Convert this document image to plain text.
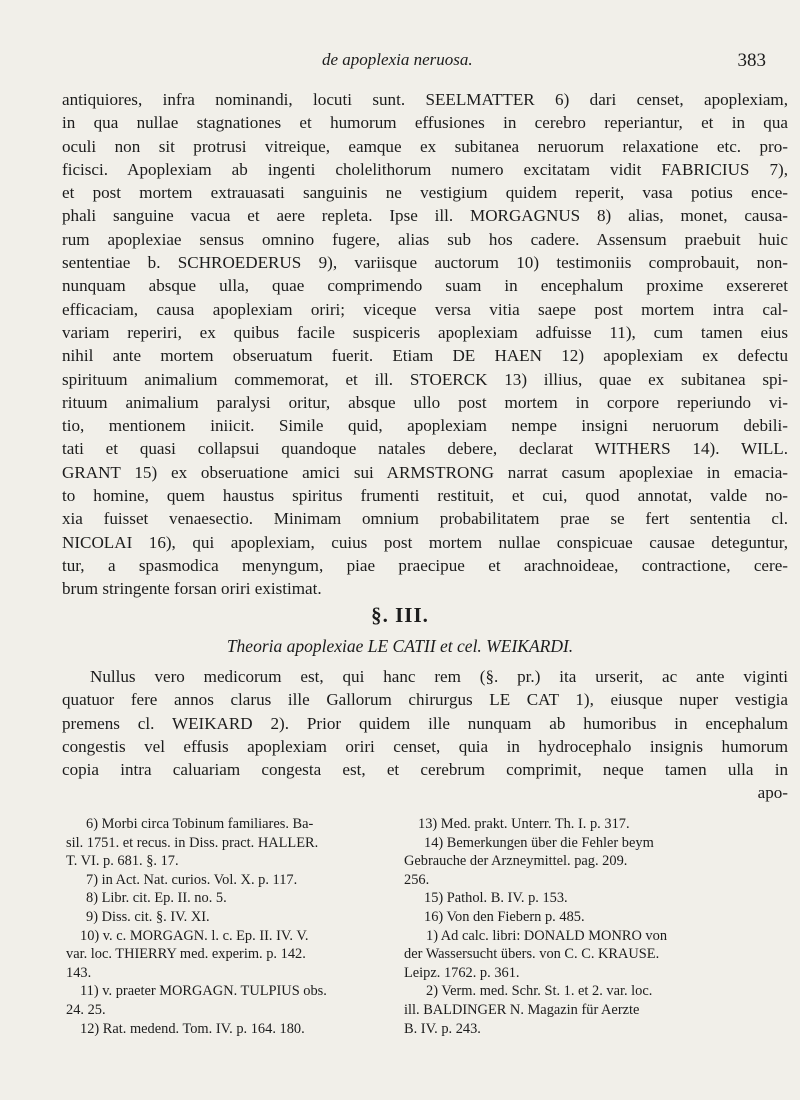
de apoplexia neruosa.	383
antiquiores, infra nominandi, locuti sunt. SEELMATTER 6) dari censet, apoplexiam,
in qua nullae stagnationes et humorum effusiones in cerebro reperiantur, et in qua
oculi non sit protrusi vitreique, eamque ex subitanea neruorum relaxatione etc. pro-
ficisci. Apoplexiam ab ingenti cholelithorum numero excitatam vidit FABRICIUS 7),
et post mortem extrauasati sanguinis ne vestigium quidem reperit, vasa potius ence-
phali sanguine vacua et aere repleta. Ipse ill. MORGAGNUS 8) alias, monet, causa-
rum apoplexiae sensus omnino fugere, alias sub hos cadere. Assensum praebuit huic
sententiae b. SCHROEDERUS 9), variisque auctorum 10) testimoniis comprobauit, non-
nunquam absque ulla, quae comprimendo suam in encephalum proxime exsereret
efficaciam, causa apoplexiam oriri; viceque versa vitia saepe post mortem intra cal-
variam reperiri, ex quibus facile suspiceris apoplexiam adfuisse 11), cum tamen eius
nihil ante mortem obseruatum fuerit. Etiam DE HAEN 12) apoplexiam ex defectu
spirituum animalium commemorat, et ill. STOERCK 13) illius, quae ex subitanea spi-
rituum animalium paralysi oritur, absque ullo post mortem in corpore reperiundo vi-
tio, mentionem iniicit. Simile quid, apoplexiam nempe insigni neruorum debili-
tati et quasi collapsui quandoque natales debere, declarat WITHERS 14). WILL.
GRANT 15) ex obseruatione amici sui ARMSTRONG narrat casum apoplexiae in emacia-
to homine, quem haustus spiritus frumenti restituit, et cui, quod annotat, valde no-
xia fuisset venaesectio. Minimam omnium probabilitatem prae se fert sententia cl.
NICOLAI 16), qui apoplexiam, cuius post mortem nullae conspicuae causae deteguntur,
tur, a spasmodica menyngum, piae praecipue et arachnoideae, contractione, cere-
brum stringente forsan oriri existimat.
§. III.
Theoria apoplexiae LE CATII et cel. WEIKARDI.
Nullus vero medicorum est, qui hanc rem (§. pr.) ita urserit, ac ante viginti
quatuor fere annos clarus ille Gallorum chirurgus LE CAT 1), eiusque nuper vestigia
premens cl. WEIKARD 2). Prior quidem ille nunquam ab humoribus in encephalum
congestis vel effusis apoplexiam oriri censet, quia in hydrocephalo insignis humorum
copia intra caluariam congesta est, et cerebrum comprimit, neque tamen ulla in
apo-
6) Morbi circa Tobinum familiares. Ba-
sil. 1751. et recus. in Diss. pract. HALLER.
T. VI. p. 681. §. 17.
7) in Act. Nat. curios. Vol. X. p. 117.
8) Libr. cit. Ep. II. no. 5.
9) Diss. cit. §. IV. XI.
10) v. c. MORGAGN. l. c. Ep. II. IV. V.
var. loc. THIERRY med. experim. p. 142.
143.
11) v. praeter MORGAGN. TULPIUS obs.
24. 25.
12) Rat. medend. Tom. IV. p. 164. 180.
13) Med. prakt. Unterr. Th. I. p. 317.
14) Bemerkungen über die Fehler beym
Gebrauche der Arzneymittel. pag. 209.
256.
15) Pathol. B. IV. p. 153.
16) Von den Fiebern p. 485.
1) Ad calc. libri: DONALD MONRO von
der Wassersucht übers. von C. C. KRAUSE.
Leipz. 1762. p. 361.
2) Verm. med. Schr. St. 1. et 2. var. loc.
ill. BALDINGER N. Magazin für Aerzte
B. IV. p. 243.
